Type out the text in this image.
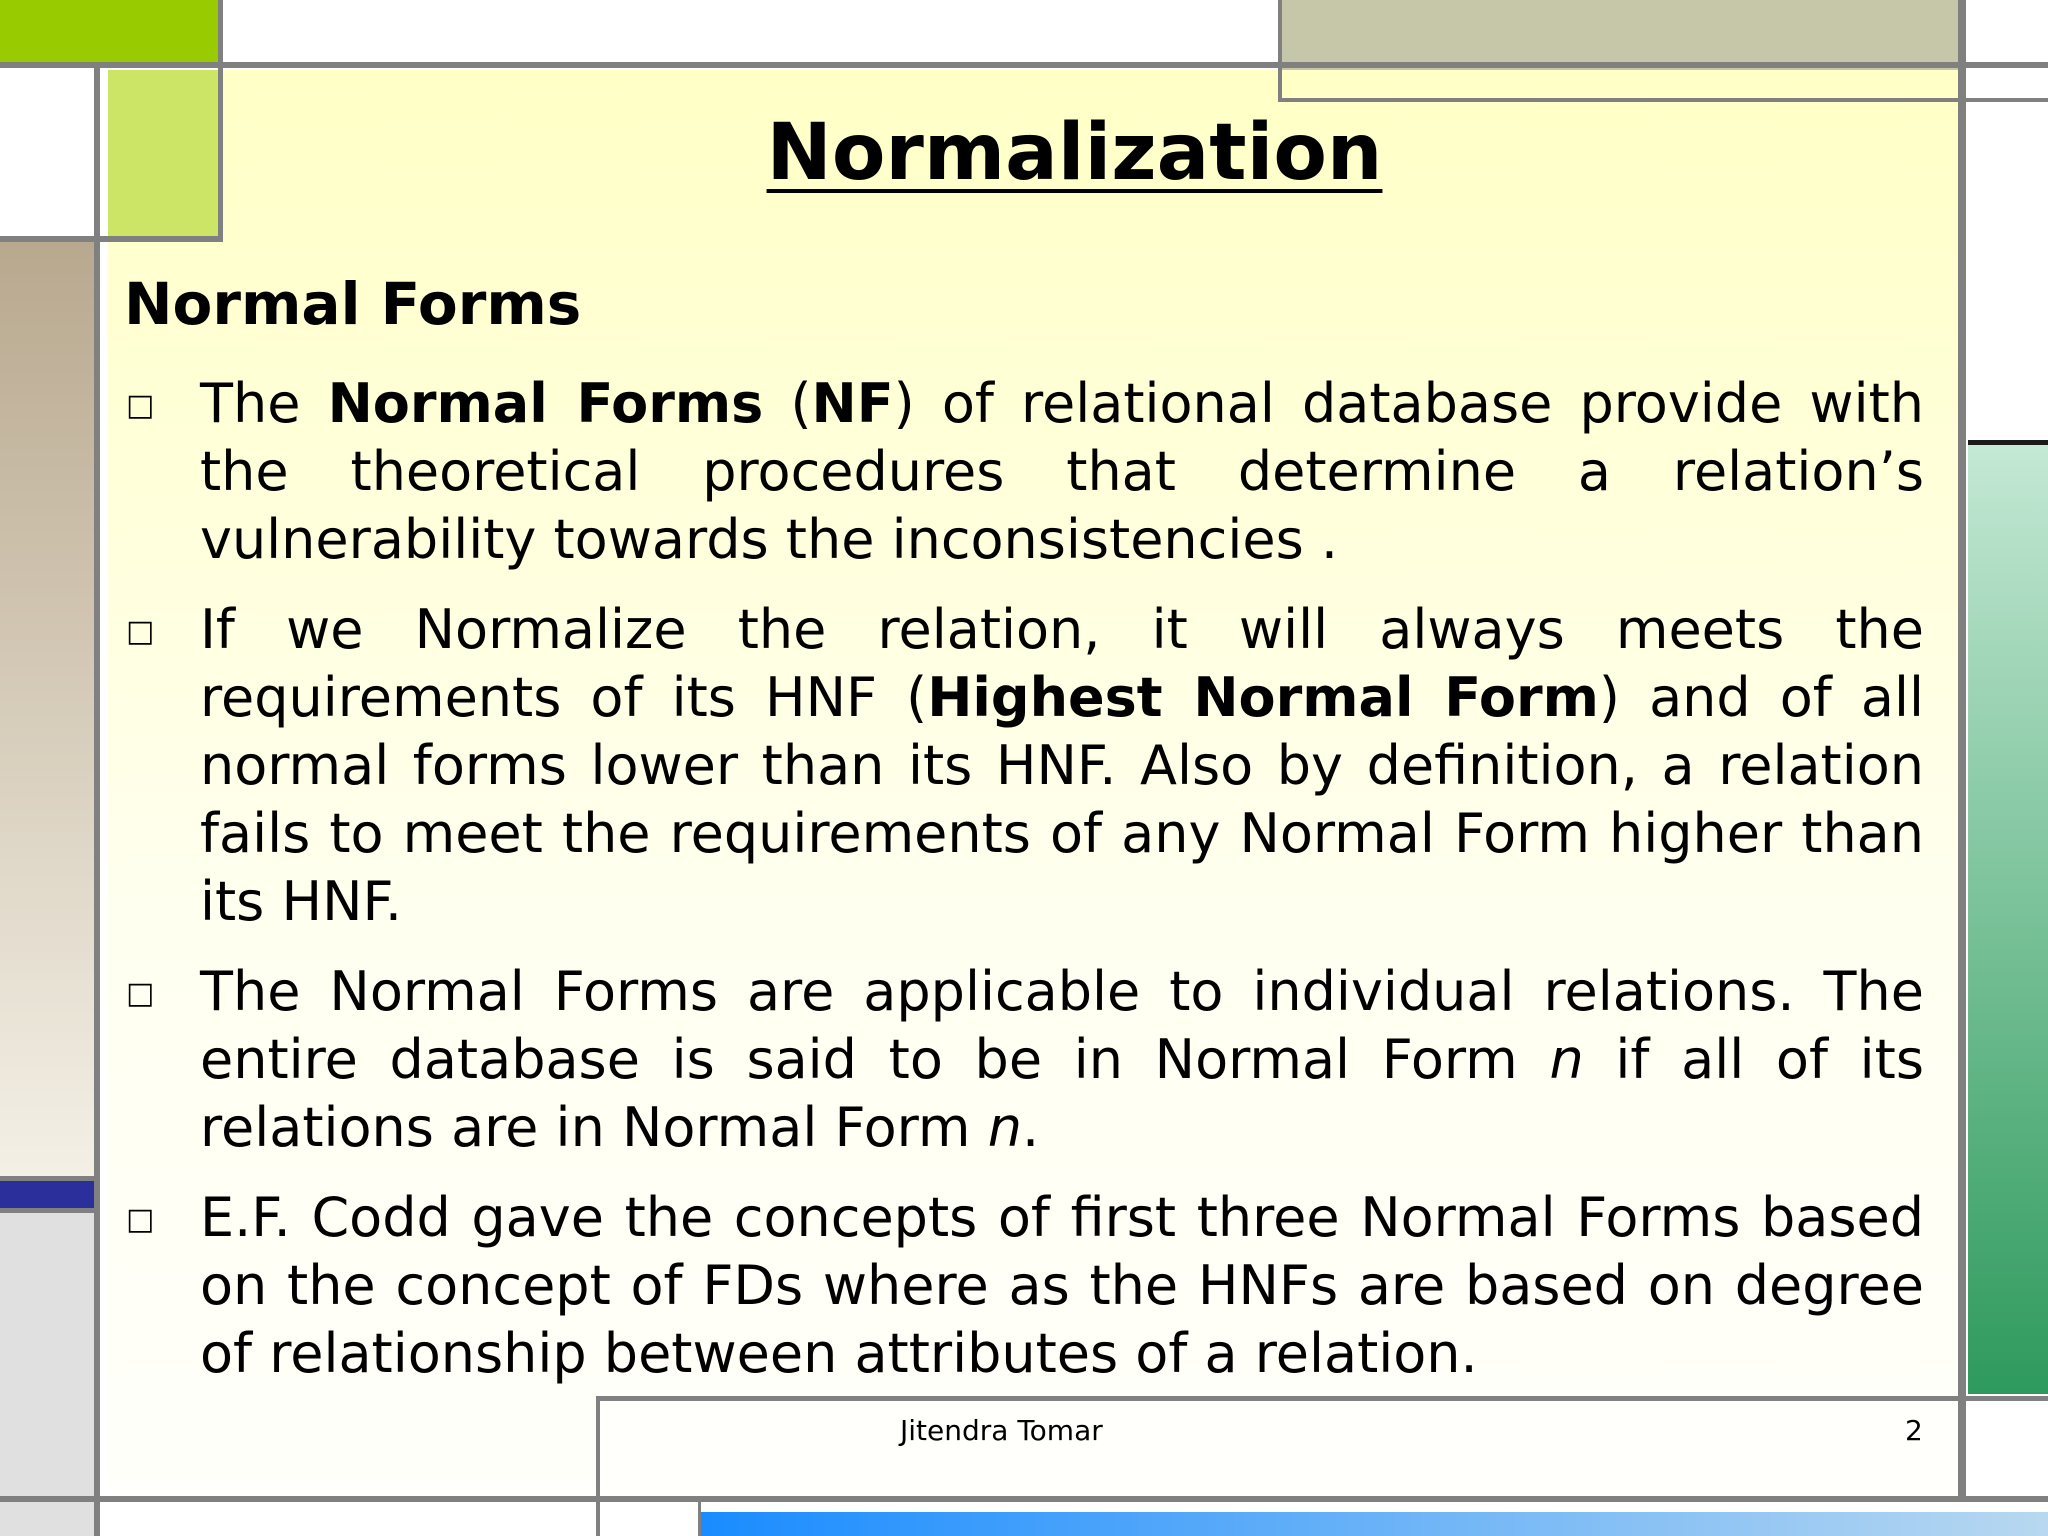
Normalization
Normal Forms
□ The Normal Forms (NF) of relational database provide with the theoretical procedures that determine a relation’s vulnerability towards the inconsistencies .
□ If we Normalize the relation, it will always meets the requirements of its HNF (Highest Normal Form) and of all normal forms lower than its HNF. Also by definition, a relation fails to meet the requirements of any Normal Form higher than its HNF.
□ The Normal Forms are applicable to individual relations. The entire database is said to be in Normal Form n if all of its relations are in Normal Form n.
□ E.F. Codd gave the concepts of first three Normal Forms based on the concept of FDs where as the HNFs are based on degree of relationship between attributes of a relation.
Jitendra Tomar	2
